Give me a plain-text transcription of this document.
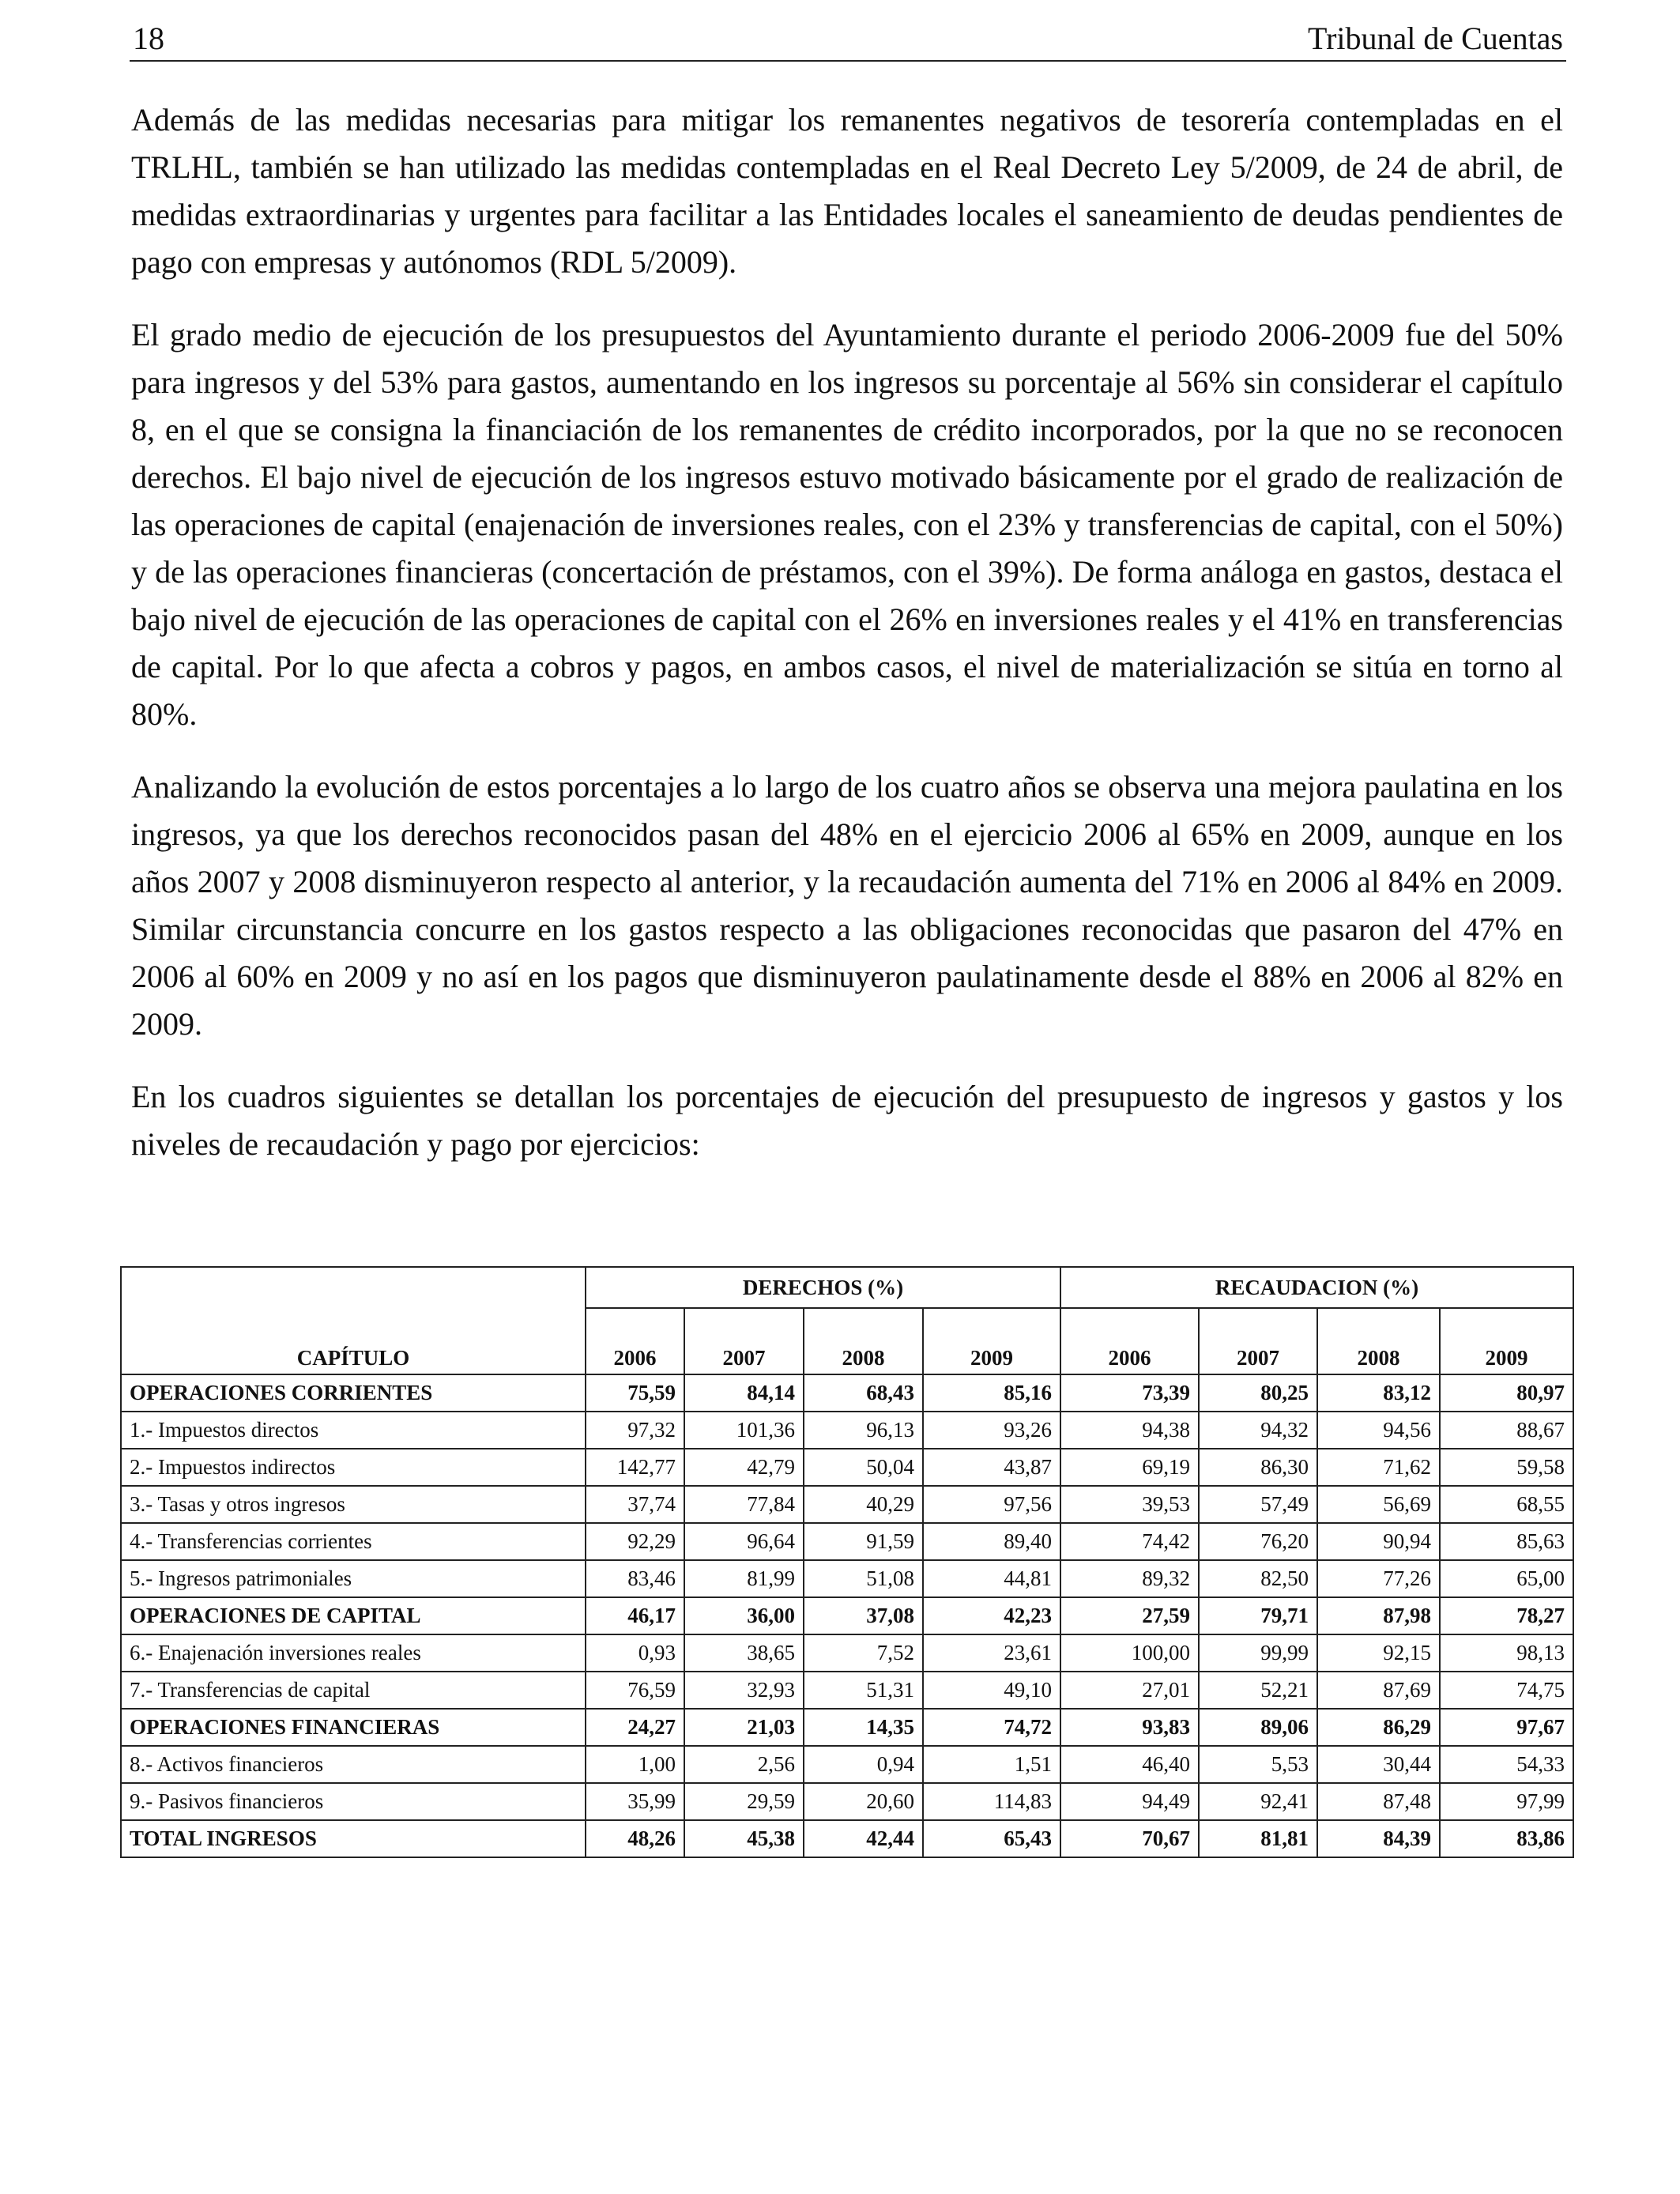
18	Tribunal de Cuentas

Además de las medidas necesarias para mitigar los remanentes negativos de tesorería contempladas en el TRLHL, también se han utilizado las medidas contempladas en el Real Decreto Ley 5/2009, de 24 de abril, de medidas extraordinarias y urgentes para facilitar a las Entidades locales el saneamiento de deudas pendientes de pago con empresas y autónomos (RDL 5/2009).

El grado medio de ejecución de los presupuestos del Ayuntamiento durante el periodo 2006-2009 fue del 50% para ingresos y del 53% para gastos, aumentando en los ingresos su porcentaje al 56% sin considerar el capítulo 8, en el que se consigna la financiación de los remanentes de crédito incorporados, por la que no se reconocen derechos. El bajo nivel de ejecución de los ingresos estuvo motivado básicamente por el grado de realización de las operaciones de capital (enajenación de inversiones reales, con el 23% y transferencias de capital, con el 50%) y de las operaciones financieras (concertación de préstamos, con el 39%). De forma análoga en gastos, destaca el bajo nivel de ejecución de las operaciones de capital con el 26% en inversiones reales y el 41% en transferencias de capital. Por lo que afecta a cobros y pagos, en ambos casos, el nivel de materialización se sitúa en torno al 80%.

Analizando la evolución de estos porcentajes a lo largo de los cuatro años se observa una mejora paulatina en los ingresos, ya que los derechos reconocidos pasan del 48% en el ejercicio 2006 al 65% en 2009, aunque en los años 2007 y 2008 disminuyeron respecto al anterior, y la recaudación aumenta del 71% en 2006 al 84% en 2009. Similar circunstancia concurre en los gastos respecto a las obligaciones reconocidas que pasaron del 47% en 2006 al 60% en 2009 y no así en los pagos que disminuyeron paulatinamente desde el 88% en 2006 al 82% en 2009.

En los cuadros siguientes se detallan los porcentajes de ejecución del presupuesto de ingresos y gastos y los niveles de recaudación y pago por ejercicios:

	DERECHOS (%)				RECAUDACION (%)			
CAPÍTULO	2006	2007	2008	2009	2006	2007	2008	2009
OPERACIONES CORRIENTES	75,59	84,14	68,43	85,16	73,39	80,25	83,12	80,97
1.- Impuestos directos	97,32	101,36	96,13	93,26	94,38	94,32	94,56	88,67
2.- Impuestos indirectos	142,77	42,79	50,04	43,87	69,19	86,30	71,62	59,58
3.- Tasas y otros ingresos	37,74	77,84	40,29	97,56	39,53	57,49	56,69	68,55
4.- Transferencias corrientes	92,29	96,64	91,59	89,40	74,42	76,20	90,94	85,63
5.- Ingresos patrimoniales	83,46	81,99	51,08	44,81	89,32	82,50	77,26	65,00
OPERACIONES DE CAPITAL	46,17	36,00	37,08	42,23	27,59	79,71	87,98	78,27
6.- Enajenación inversiones reales	0,93	38,65	7,52	23,61	100,00	99,99	92,15	98,13
7.- Transferencias de capital	76,59	32,93	51,31	49,10	27,01	52,21	87,69	74,75
OPERACIONES FINANCIERAS	24,27	21,03	14,35	74,72	93,83	89,06	86,29	97,67
8.- Activos financieros	1,00	2,56	0,94	1,51	46,40	5,53	30,44	54,33
9.- Pasivos financieros	35,99	29,59	20,60	114,83	94,49	92,41	87,48	97,99
TOTAL INGRESOS	48,26	45,38	42,44	65,43	70,67	81,81	84,39	83,86
